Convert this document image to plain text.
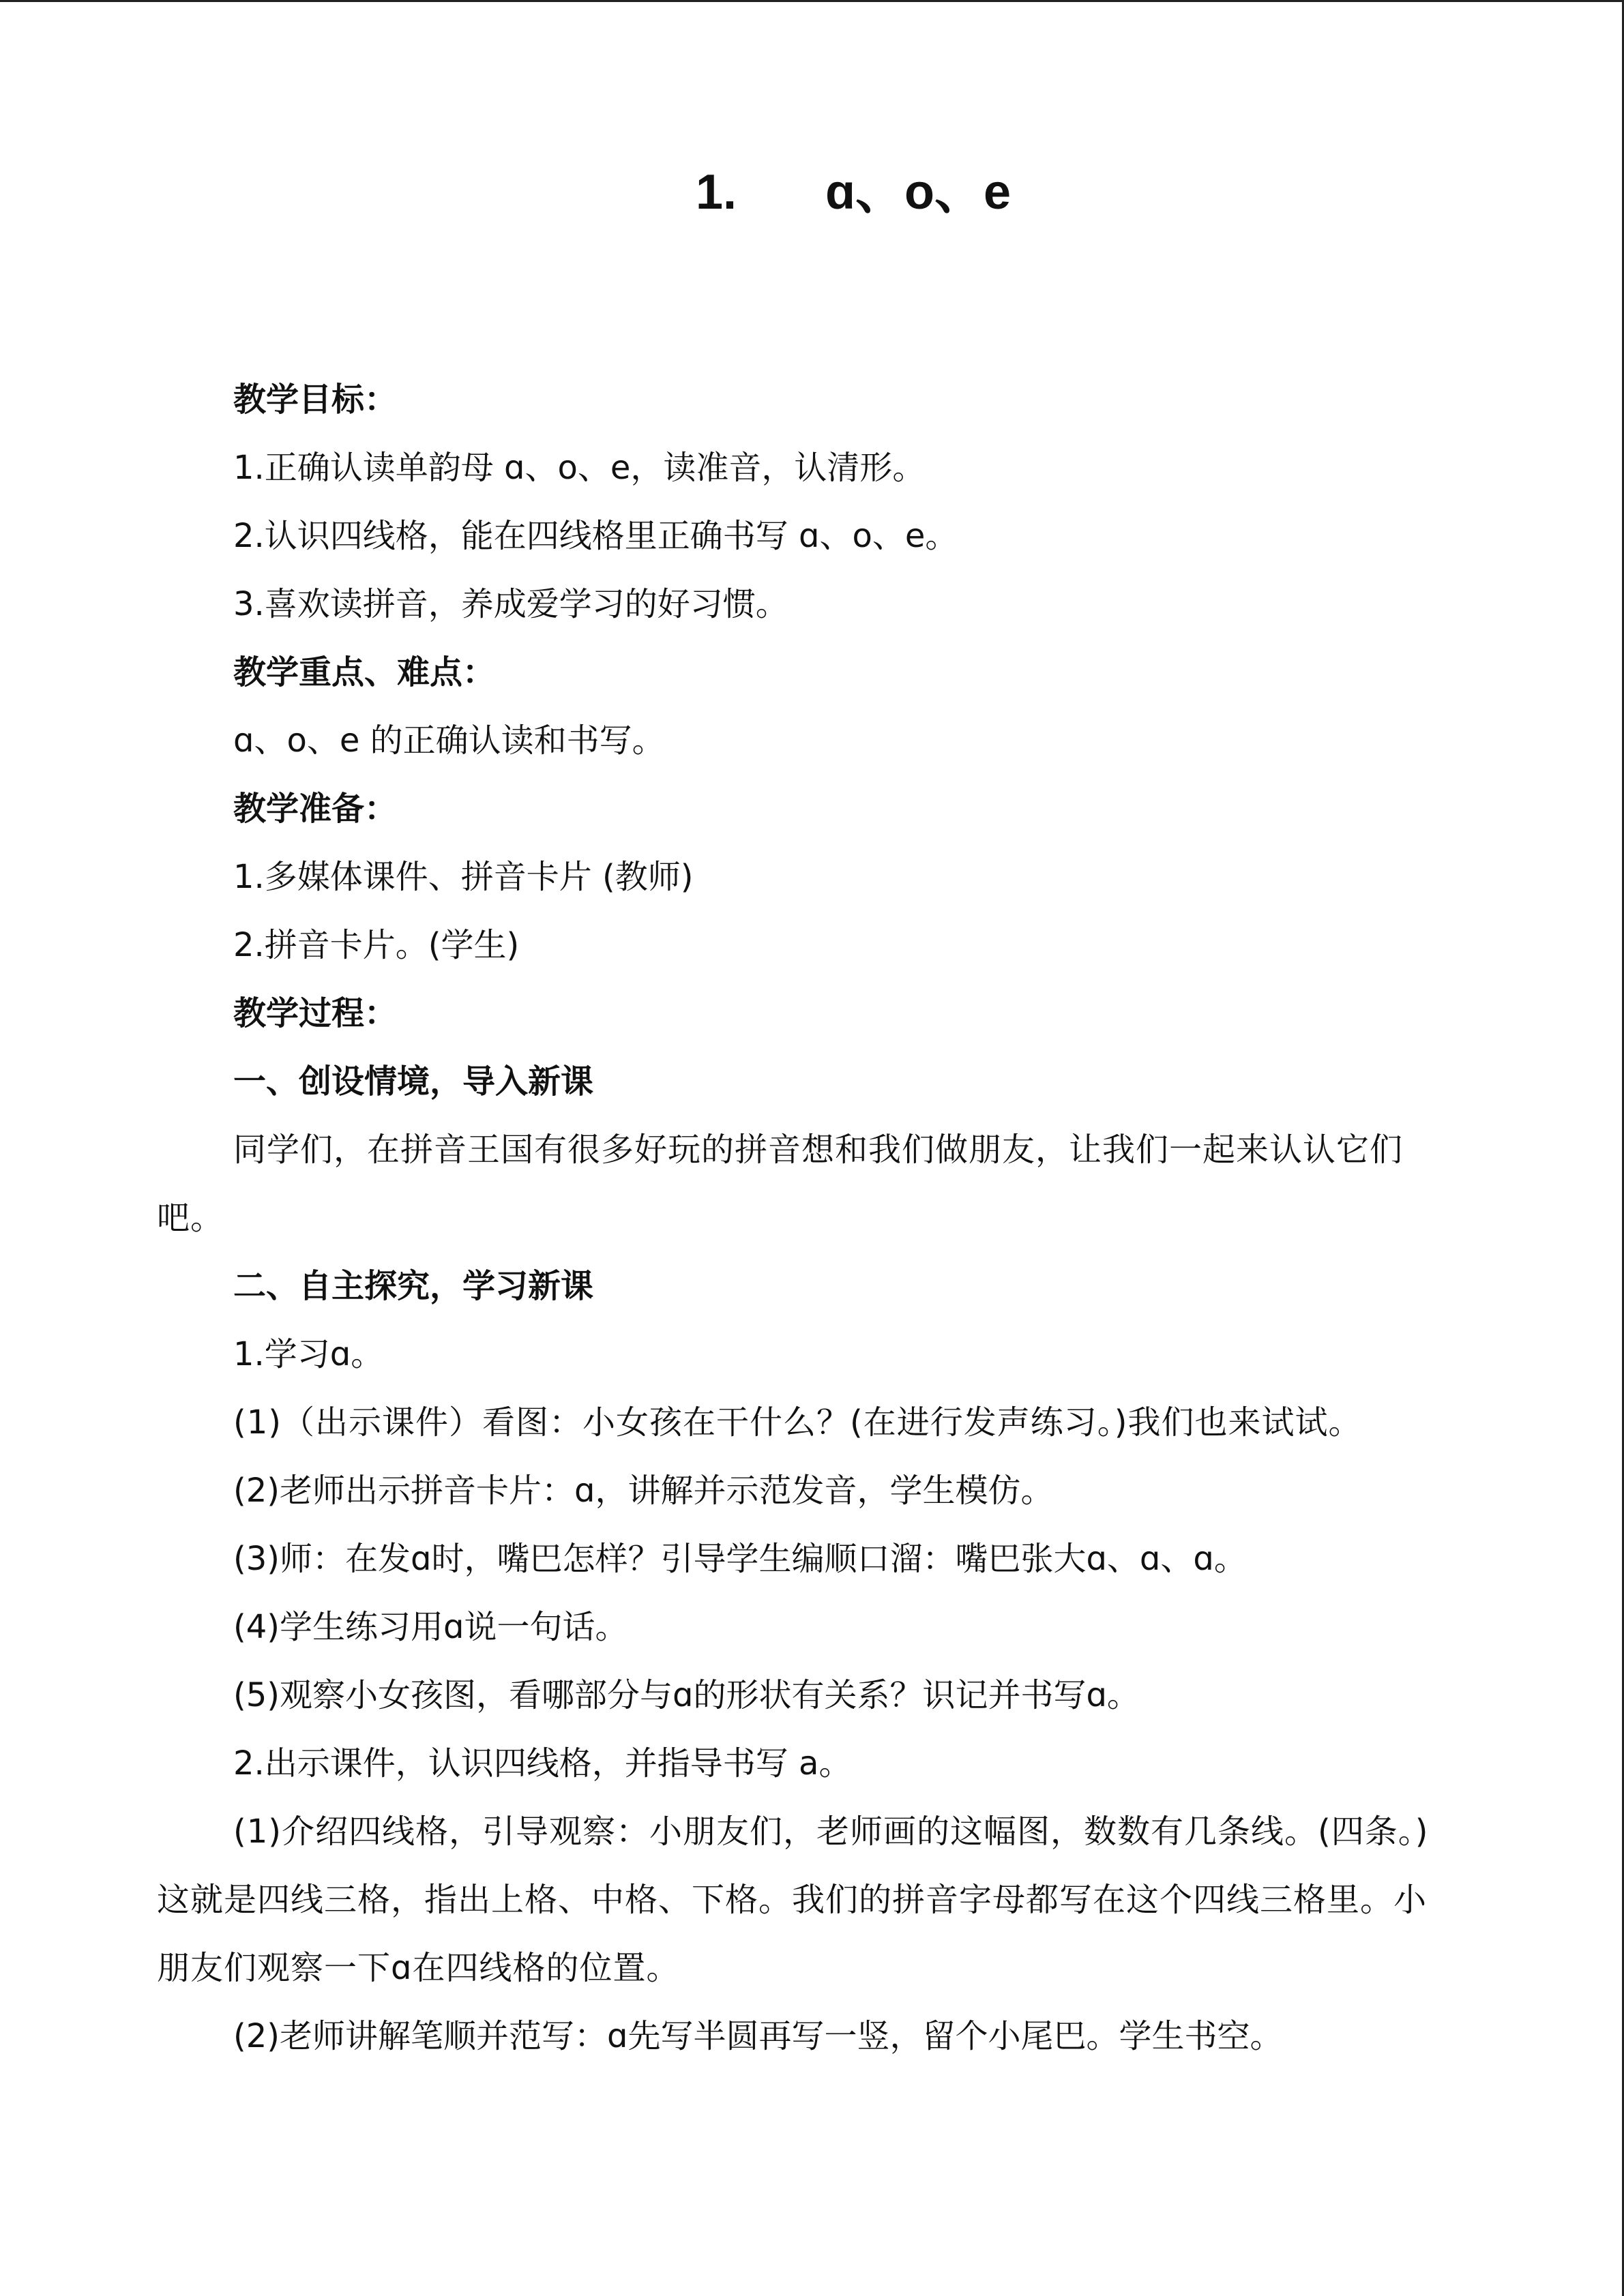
1. ɑ、o、e

教学目标：

1.正确认读单韵母 ɑ、o、e，读准音，认清形。

2.认识四线格，能在四线格里正确书写 ɑ、o、e。

3.喜欢读拼音，养成爱学习的好习惯。

教学重点、难点：

ɑ、o、e 的正确认读和书写。

教学准备：

1.多媒体课件、拼音卡片 (教师)

2.拼音卡片。(学生)

教学过程：

一、创设情境，导入新课

同学们，在拼音王国有很多好玩的拼音想和我们做朋友，让我们一起来认认它们吧。

二、自主探究，学习新课

1.学习ɑ。

(1)（出示课件）看图：小女孩在干什么？(在进行发声练习。)我们也来试试。

(2)老师出示拼音卡片：ɑ，讲解并示范发音，学生模仿。

(3)师：在发ɑ时，嘴巴怎样？引导学生编顺口溜：嘴巴张大ɑ、ɑ、ɑ。

(4)学生练习用ɑ说一句话。

(5)观察小女孩图，看哪部分与ɑ的形状有关系？识记并书写ɑ。

2.出示课件，认识四线格，并指导书写 a。

(1)介绍四线格，引导观察：小朋友们，老师画的这幅图，数数有几条线。(四条。)这就是四线三格，指出上格、中格、下格。我们的拼音字母都写在这个四线三格里。小朋友们观察一下ɑ在四线格的位置。

(2)老师讲解笔顺并范写：ɑ先写半圆再写一竖，留个小尾巴。学生书空。
